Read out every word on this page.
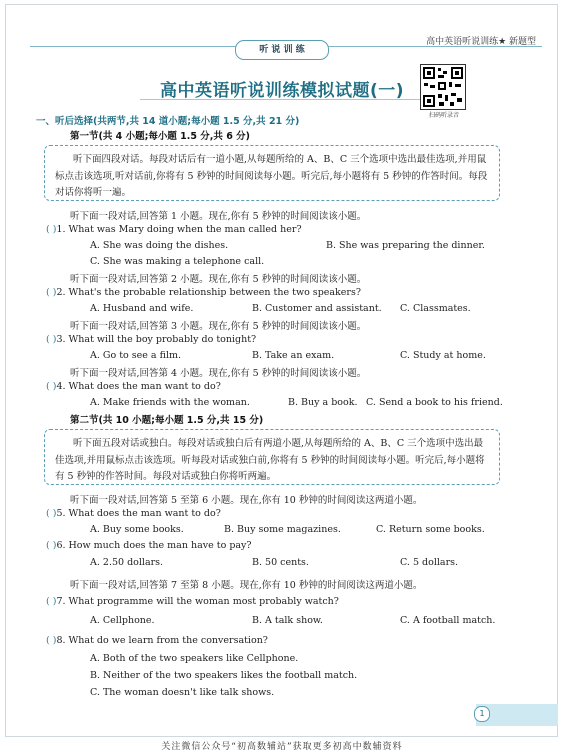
高中英语听说训练★ 新题型
听 说 训 练
高中英语听说训练模拟试题(一)
扫码听录音
一、听后选择(共两节,共 14 道小题;每小题 1.5 分,共 21 分)
第一节(共 4 小题;每小题 1.5 分,共 6 分)
听下面四段对话。每段对话后有一道小题,从每题所给的 A、B、C 三个选项中选出最佳选项,并用鼠标点击该选项,听对话前,你将有 5 秒钟的时间阅读每小题。听完后,每小题将有 5 秒钟的作答时间。每段对话你将听一遍。
听下面一段对话,回答第 1 小题。现在,你有 5 秒钟的时间阅读该小题。
( )1. What was Mary doing when the man called her?
A. She was doing the dishes.	B. She was preparing the dinner.
C. She was making a telephone call.
听下面一段对话,回答第 2 小题。现在,你有 5 秒钟的时间阅读该小题。
( )2. What's the probable relationship between the two speakers?
A. Husband and wife.	B. Customer and assistant. C. Classmates.
听下面一段对话,回答第 3 小题。现在,你有 5 秒钟的时间阅读该小题。
( )3. What will the boy probably do tonight?
A. Go to see a film.	B. Take an exam.	C. Study at home.
听下面一段对话,回答第 4 小题。现在,你有 5 秒钟的时间阅读该小题。
( )4. What does the man want to do?
A. Make friends with the woman.	B. Buy a book. C. Send a book to his friend.
第二节(共 10 小题;每小题 1.5 分,共 15 分)
听下面五段对话或独白。每段对话或独白后有两道小题,从每题所给的 A、B、C 三个选项中选出最佳选项,并用鼠标点击该选项。听每段对话或独白前,你将有 5 秒钟的时间阅读每小题。听完后,每小题将有 5 秒钟的作答时间。每段对话或独白你将听两遍。
听下面一段对话,回答第 5 至第 6 小题。现在,你有 10 秒钟的时间阅读这两道小题。
( )5. What does the man want to do?
A. Buy some books.	B. Buy some magazines.	C. Return some books.
( )6. How much does the man have to pay?
A. 2.50 dollars.	B. 50 cents.	C. 5 dollars.
听下面一段对话,回答第 7 至第 8 小题。现在,你有 10 秒钟的时间阅读这两道小题。
( )7. What programme will the woman most probably watch?
A. Cellphone.	B. A talk show.	C. A football match.
( )8. What do we learn from the conversation?
A. Both of the two speakers like Cellphone.
B. Neither of the two speakers likes the football match.
C. The woman doesn't like talk shows.
1
关注微信公众号“初高数辅站”获取更多初高中数辅资料
